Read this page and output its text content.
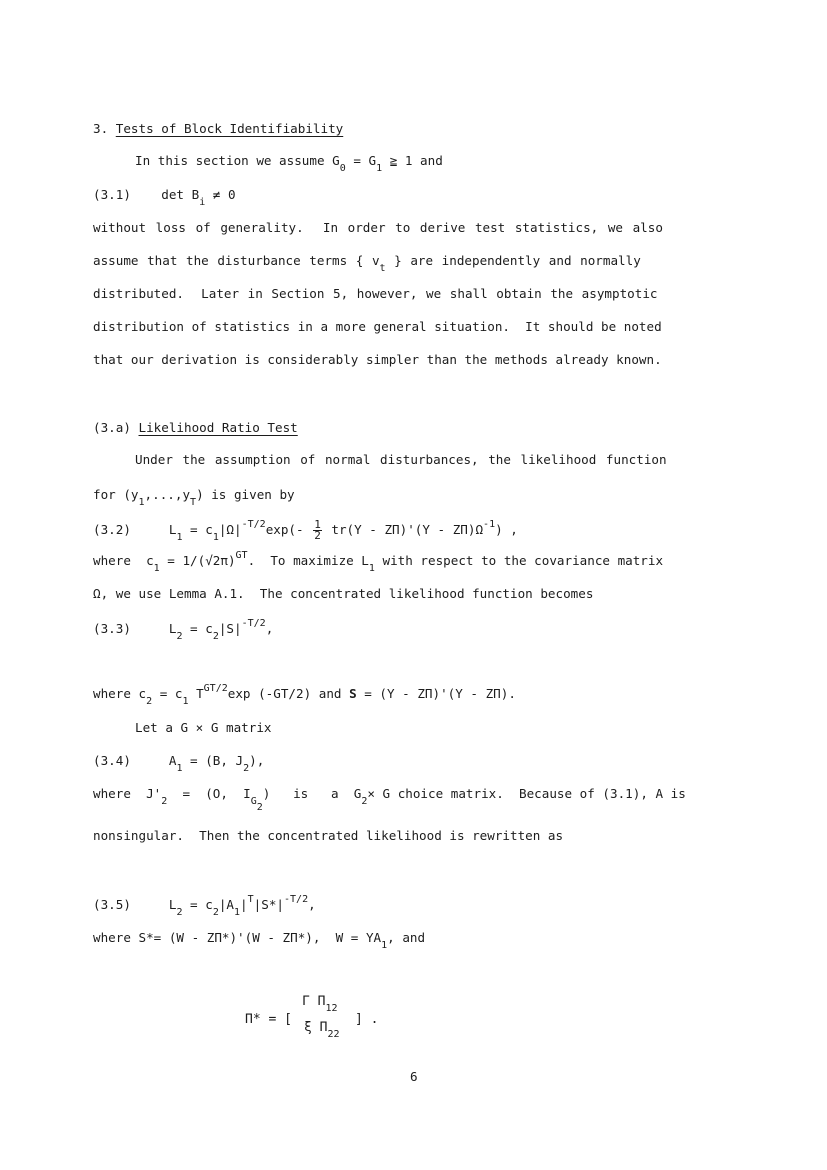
3. Tests of Block Identifiability
In this section we assume $G_0 = G_1$ ≧ 1 and
(3.1) $\det B_i \ne 0$
without loss of generality.  In order to derive test statistics, we also
assume that the disturbance terms { $v_t$ } are independently and normally
distributed.  Later in Section 5, however, we shall obtain the asymptotic
distribution of statistics in a more general situation.  It should be noted
that our derivation is considerably simpler than the methods already known.
(3.a) Likelihood Ratio Test
Under the assumption of normal disturbances, the likelihood function
for $(y_1,...,y_T)$ is given by
(3.2)	$L_1 = c_1|\Omega|^{-T/2}\exp(- \frac{1}{2} tr(Y - Z\Pi)'(Y - Z\Pi)\Omega^{-1})$ ,
where  $c_1 = 1/(√2\pi)^{GT}$.  To maximize $L_1$ with respect to the covariance matrix
Ω, we use Lemma A.1.  The concentrated likelihood function becomes
(3.3)	$L_2 = c_2|S|^{-T/2}$,
where $c_2 = c_1$ $T^{GT/2}\exp$ (-GT/2) and S = (Y - ZΠ)'(Y - ZΠ).
Let a G × G matrix
(3.4)	$A_1 = (B$, $J_2$),
where  $J'_2 = (O$,  $I_{G_2}$)   is   a  $G_2\times G$ choice matrix.  Because of (3.1), A is
nonsingular.  Then the concentrated likelihood is rewritten as
(3.5)	$L_2 = c_2|A_1|^T|S*|^{-T/2}$,
where S*= (W - ZΠ*)'(W - ZΠ*),  $W = YA_1$, and
Π* = [
Γ $\Pi_{12}$
ξ $\Pi_{22}$
] .
6
